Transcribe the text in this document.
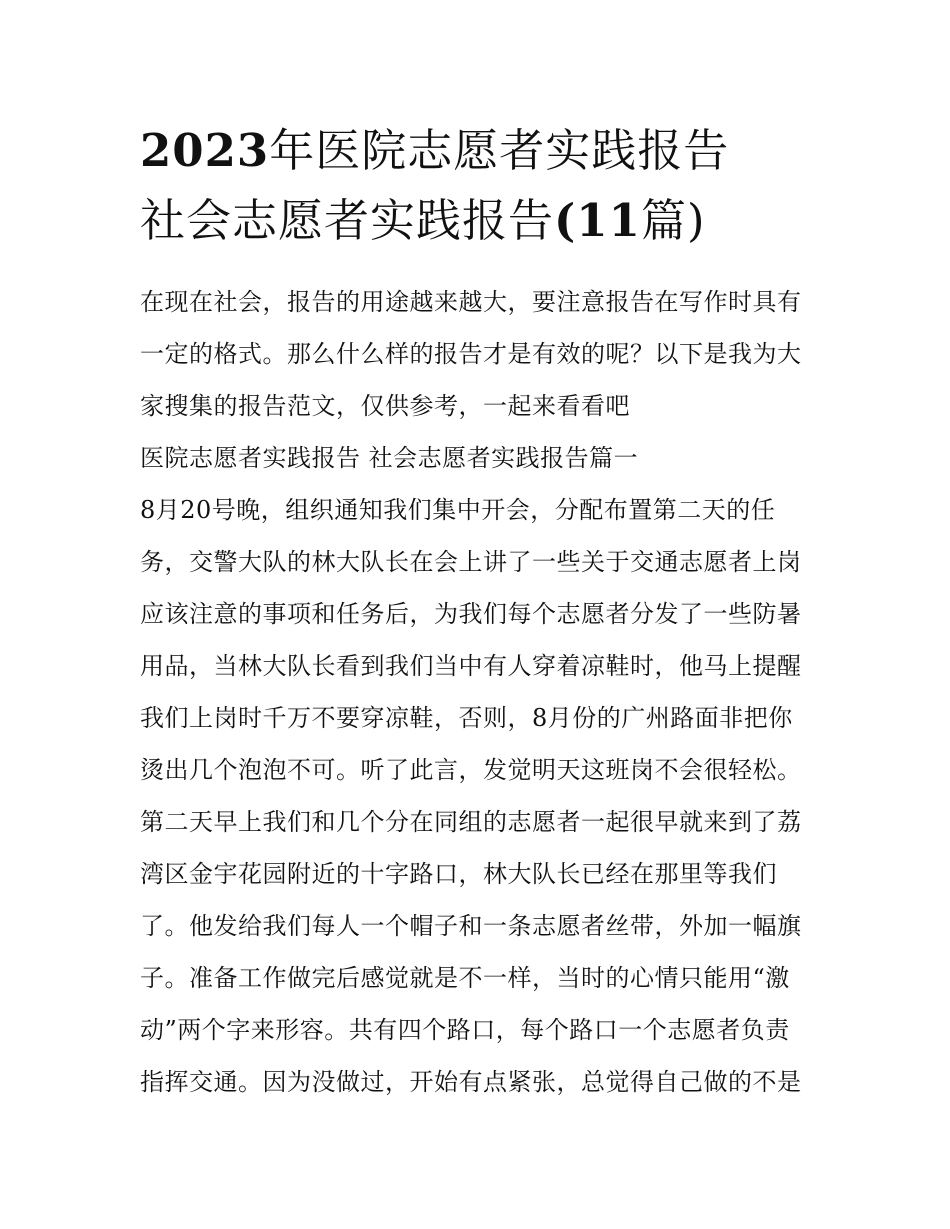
2023年医院志愿者实践报告
社会志愿者实践报告(11篇)
在现在社会，报告的用途越来越大，要注意报告在写作时具有
一定的格式。那么什么样的报告才是有效的呢？以下是我为大
家搜集的报告范文，仅供参考，一起来看看吧
医院志愿者实践报告 社会志愿者实践报告篇一
8月20号晚，组织通知我们集中开会，分配布置第二天的任
务，交警大队的林大队长在会上讲了一些关于交通志愿者上岗
应该注意的事项和任务后，为我们每个志愿者分发了一些防暑
用品，当林大队长看到我们当中有人穿着凉鞋时，他马上提醒
我们上岗时千万不要穿凉鞋，否则，8月份的广州路面非把你
烫出几个泡泡不可。听了此言，发觉明天这班岗不会很轻松。
第二天早上我们和几个分在同组的志愿者一起很早就来到了荔
湾区金宇花园附近的十字路口，林大队长已经在那里等我们
了。他发给我们每人一个帽子和一条志愿者丝带，外加一幅旗
子。准备工作做完后感觉就是不一样，当时的心情只能用“激
动”两个字来形容。共有四个路口，每个路口一个志愿者负责
指挥交通。因为没做过，开始有点紧张，总觉得自己做的不是
